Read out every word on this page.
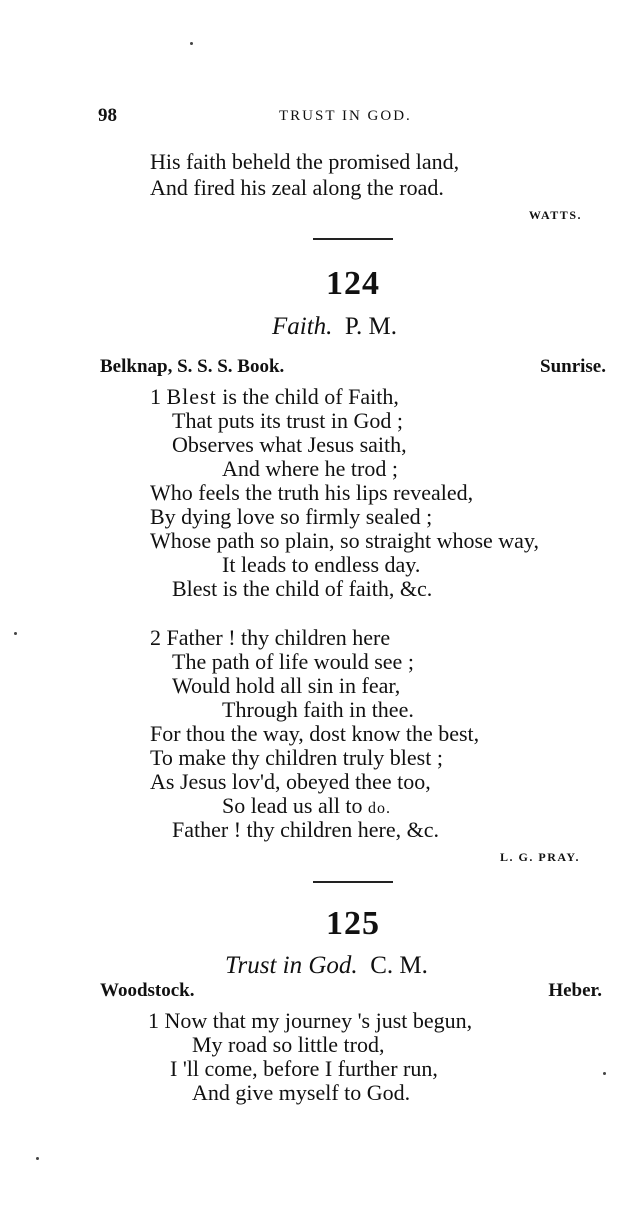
98	TRUST IN GOD.
His faith beheld the promised land,
And fired his zeal along the road.
WATTS.
124
Faith. P. M.
Belknap, S. S. S. Book.	Sunrise.
1 Blest is the child of Faith,
That puts its trust in God ;
Observes what Jesus saith,
And where he trod ;
Who feels the truth his lips revealed,
By dying love so firmly sealed ;
Whose path so plain, so straight whose way,
It leads to endless day.
Blest is the child of faith, &c.
2 Father ! thy children here
The path of life would see ;
Would hold all sin in fear,
Through faith in thee.
For thou the way, dost know the best,
To make thy children truly blest ;
As Jesus lov'd, obeyed thee too,
So lead us all to do.
Father ! thy children here, &c.
L. G. PRAY.
125
Trust in God. C. M.
Woodstock.	Heber.
1 Now that my journey 's just begun,
My road so little trod,
I 'll come, before I further run,
And give myself to God.
